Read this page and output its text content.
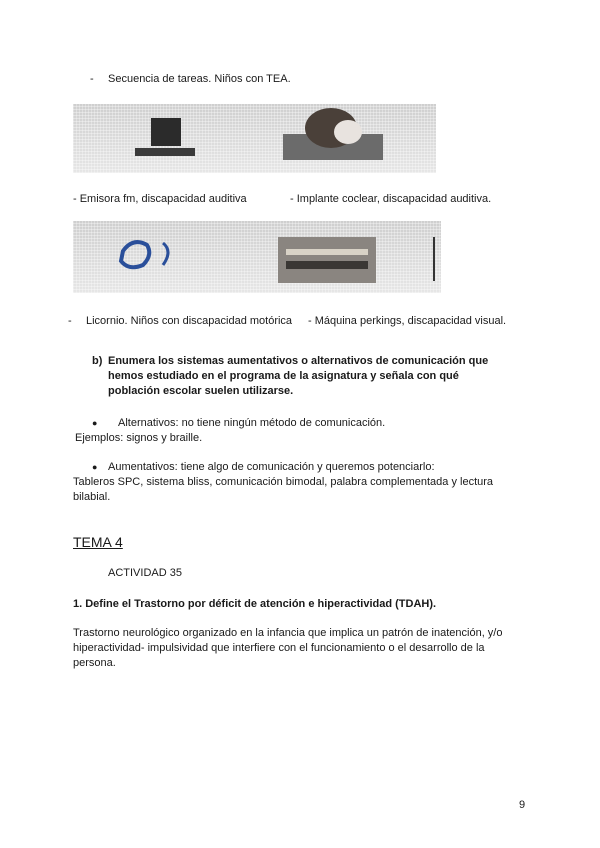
- Secuencia de tareas. Niños con TEA.
- Emisora fm, discapacidad auditiva	- Implante coclear, discapacidad auditiva.
- Licornio. Niños con discapacidad motórica - Máquina perkings, discapacidad visual.
b) Enumera los sistemas aumentativos o alternativos de comunicación que hemos estudiado en el programa de la asignatura y señala con qué población escolar suelen utilizarse.
● Alternativos: no tiene ningún método de comunicación.
Ejemplos: signos y braille.
● Aumentativos: tiene algo de comunicación y queremos potenciarlo:
Tableros SPC, sistema bliss, comunicación bimodal, palabra complementada y lectura bilabial.
TEMA 4
ACTIVIDAD 35
1. Define el Trastorno por déficit de atención e hiperactividad (TDAH).
Trastorno neurológico organizado en la infancia que implica un patrón de inatención, y/o hiperactividad- impulsividad que interfiere con el funcionamiento o el desarrollo de la persona.
9
